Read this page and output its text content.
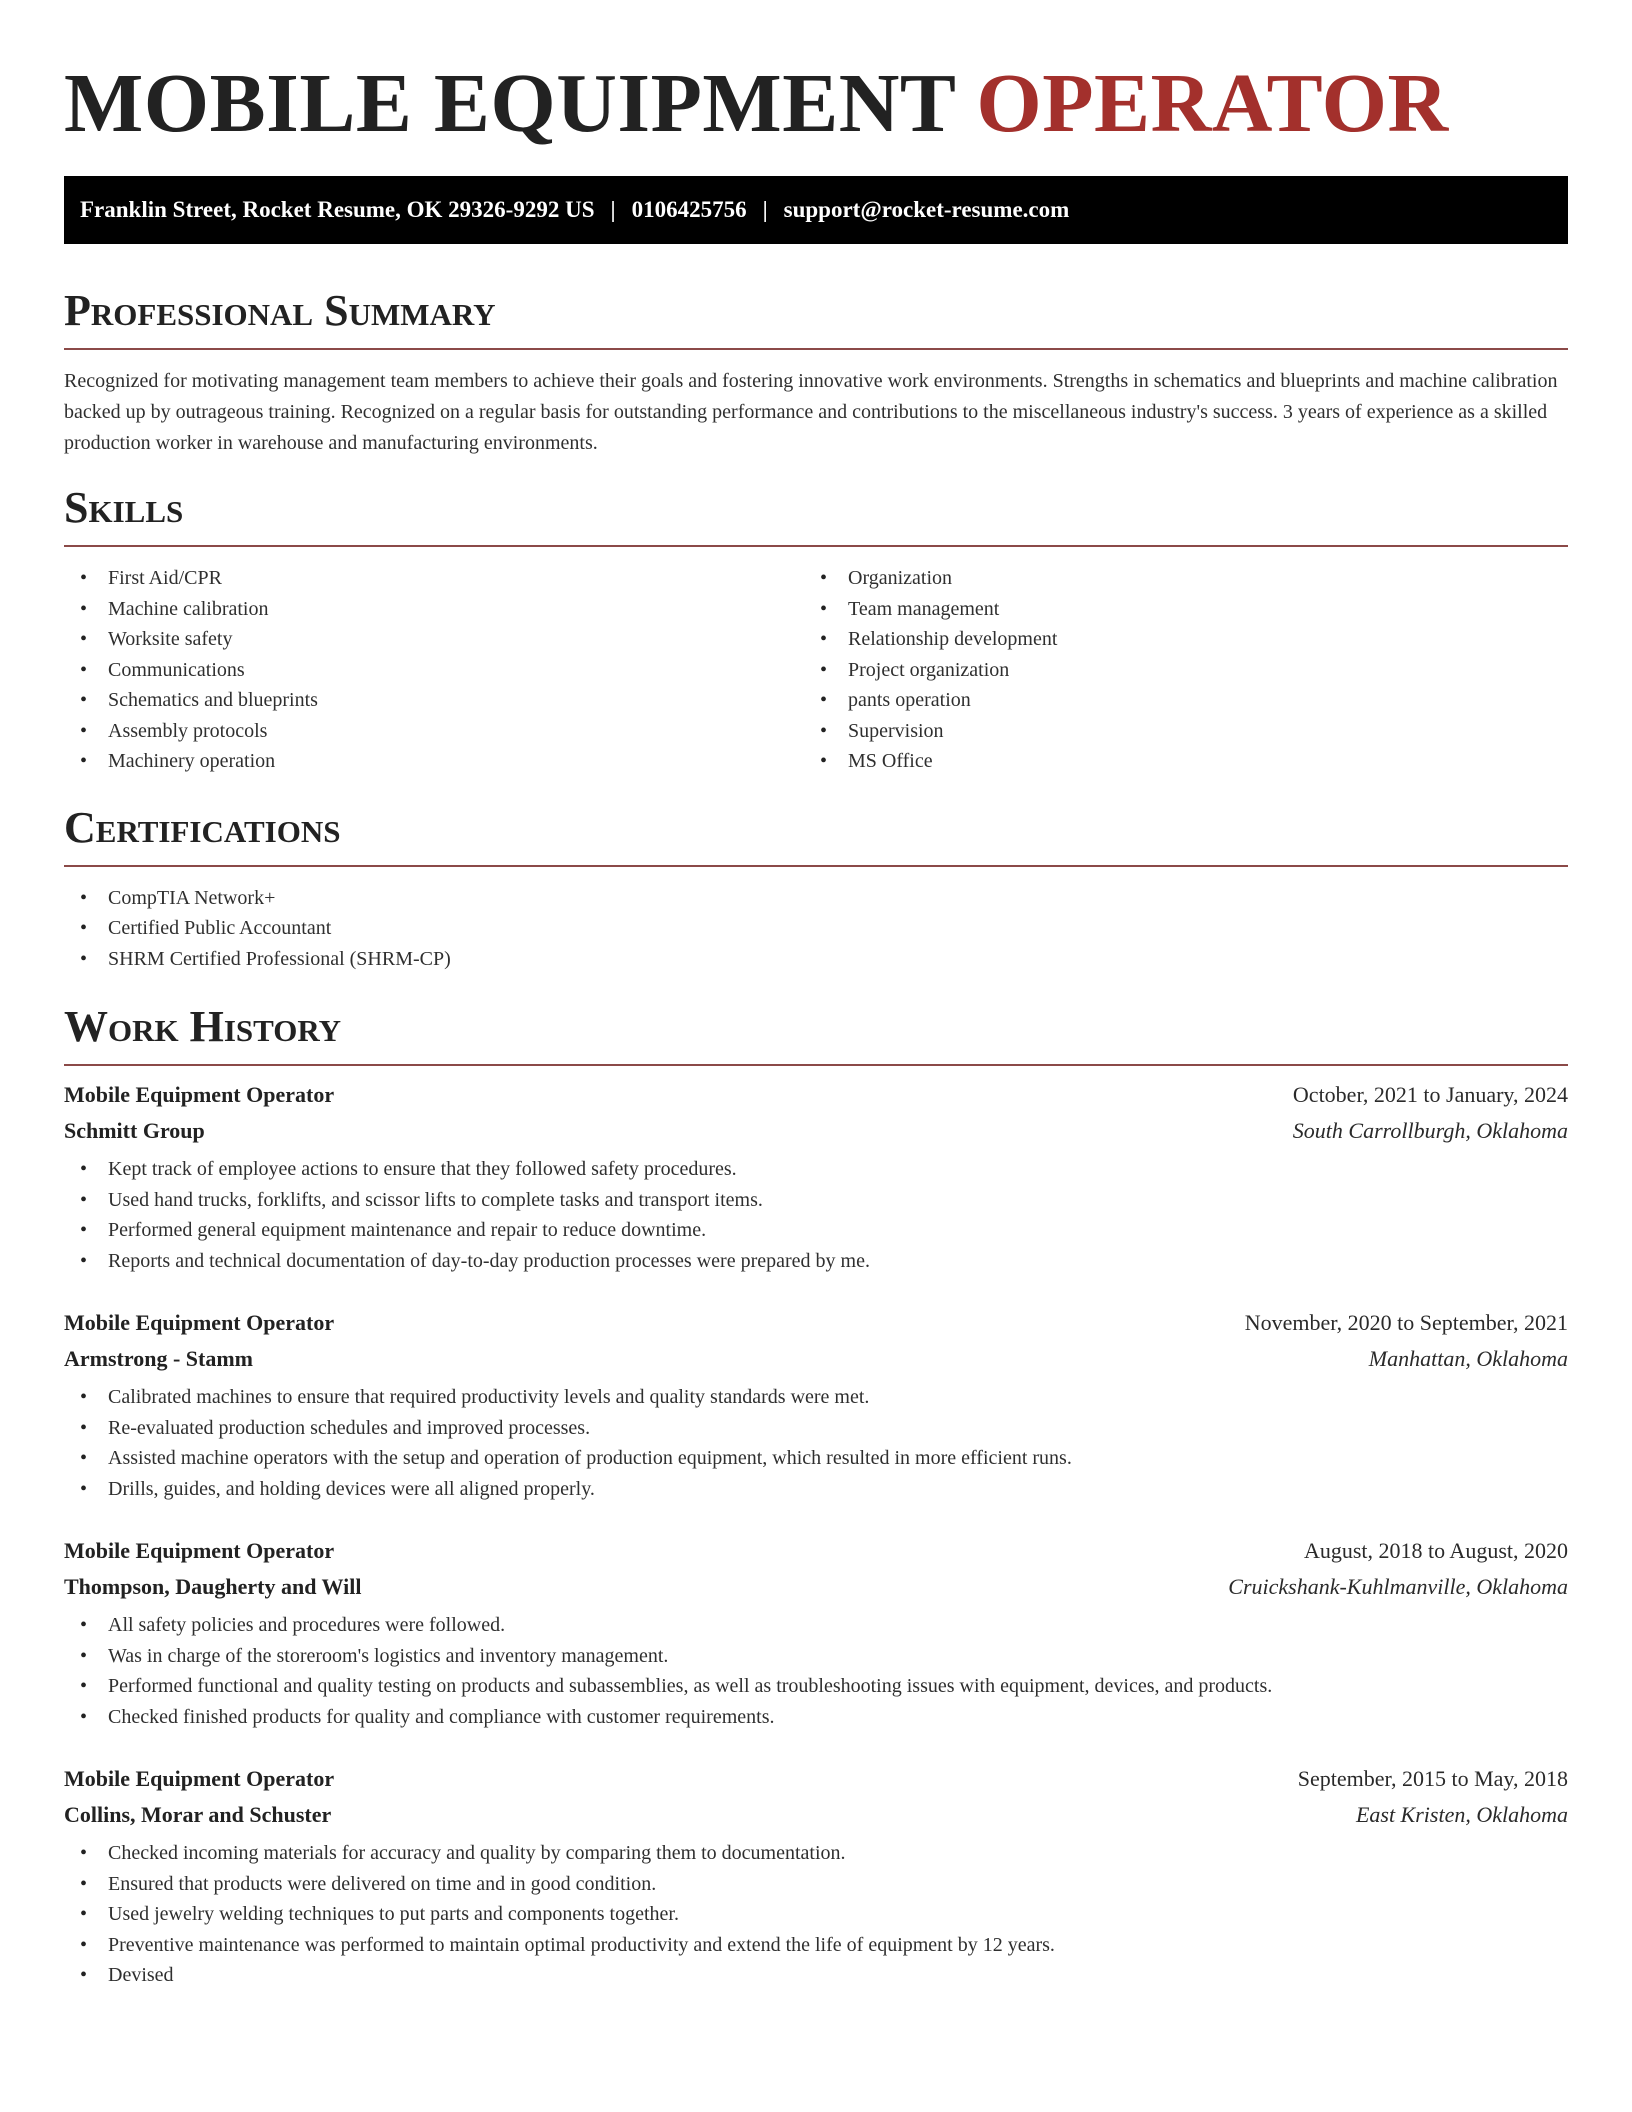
MOBILE EQUIPMENT OPERATOR
Franklin Street, Rocket Resume, OK 29326-9292 US | 0106425756 | support@rocket-resume.com
Professional Summary

Recognized for motivating management team members to achieve their goals and fostering innovative work environments. Strengths in schematics and blueprints and machine calibration backed up by outrageous training. Recognized on a regular basis for outstanding performance and contributions to the miscellaneous industry's success. 3 years of experience as a skilled production worker in warehouse and manufacturing environments.

Skills
• First Aid/CPR
• Machine calibration
• Worksite safety
• Communications
• Schematics and blueprints
• Assembly protocols
• Machinery operation
• Organization
• Team management
• Relationship development
• Project organization
• pants operation
• Supervision
• MS Office
Certifications
• CompTIA Network+
• Certified Public Accountant
• SHRM Certified Professional (SHRM-CP)
Work History
Mobile Equipment Operator	October, 2021 to January, 2024
Schmitt Group	South Carrollburgh, Oklahoma
• Kept track of employee actions to ensure that they followed safety procedures.
• Used hand trucks, forklifts, and scissor lifts to complete tasks and transport items.
• Performed general equipment maintenance and repair to reduce downtime.
• Reports and technical documentation of day-to-day production processes were prepared by me.
Mobile Equipment Operator	November, 2020 to September, 2021
Armstrong - Stamm	Manhattan, Oklahoma
• Calibrated machines to ensure that required productivity levels and quality standards were met.
• Re-evaluated production schedules and improved processes.
• Assisted machine operators with the setup and operation of production equipment, which resulted in more efficient runs.
• Drills, guides, and holding devices were all aligned properly.
Mobile Equipment Operator	August, 2018 to August, 2020
Thompson, Daugherty and Will	Cruickshank-Kuhlmanville, Oklahoma
• All safety policies and procedures were followed.
• Was in charge of the storeroom's logistics and inventory management.
• Performed functional and quality testing on products and subassemblies, as well as troubleshooting issues with equipment, devices, and products.
• Checked finished products for quality and compliance with customer requirements.
Mobile Equipment Operator	September, 2015 to May, 2018
Collins, Morar and Schuster	East Kristen, Oklahoma
• Checked incoming materials for accuracy and quality by comparing them to documentation.
• Ensured that products were delivered on time and in good condition.
• Used jewelry welding techniques to put parts and components together.
• Preventive maintenance was performed to maintain optimal productivity and extend the life of equipment by 12 years.
• Devised
